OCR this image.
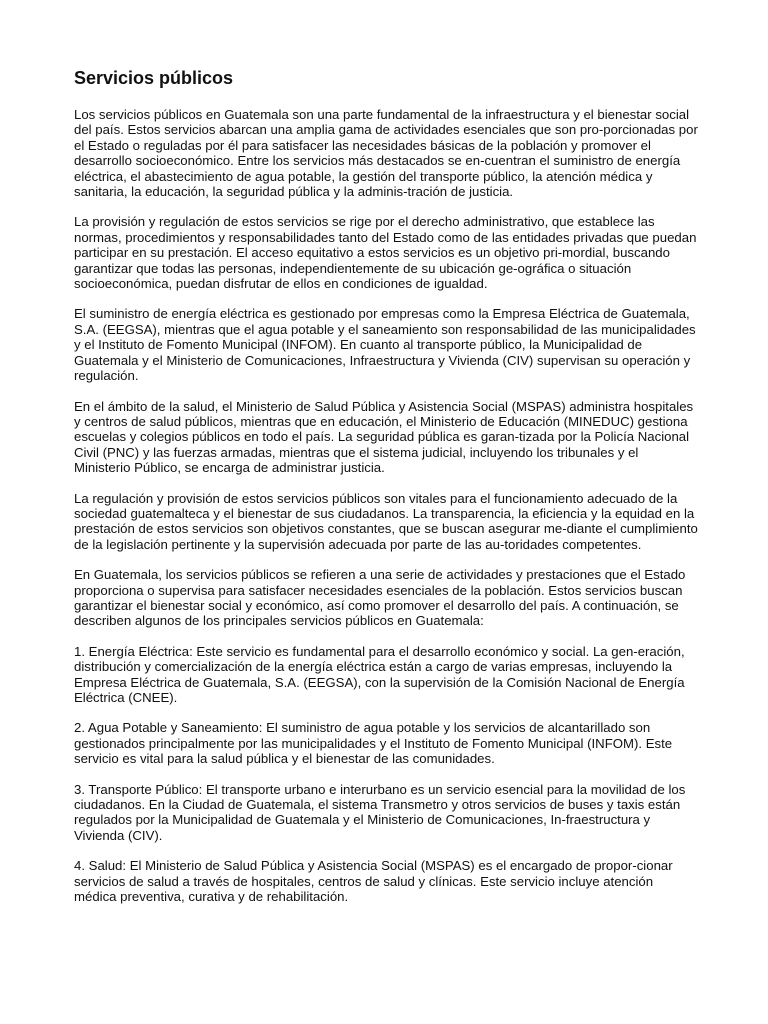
Servicios públicos

Los servicios públicos en Guatemala son una parte fundamental de la infraestructura y el bienestar social del país. Estos servicios abarcan una amplia gama de actividades esenciales que son pro-porcionadas por el Estado o reguladas por él para satisfacer las necesidades básicas de la población y promover el desarrollo socioeconómico. Entre los servicios más destacados se en-cuentran el suministro de energía eléctrica, el abastecimiento de agua potable, la gestión del transporte público, la atención médica y sanitaria, la educación, la seguridad pública y la adminis-tración de justicia.

La provisión y regulación de estos servicios se rige por el derecho administrativo, que establece las normas, procedimientos y responsabilidades tanto del Estado como de las entidades privadas que puedan participar en su prestación. El acceso equitativo a estos servicios es un objetivo pri-mordial, buscando garantizar que todas las personas, independientemente de su ubicación ge-ográfica o situación socioeconómica, puedan disfrutar de ellos en condiciones de igualdad.

El suministro de energía eléctrica es gestionado por empresas como la Empresa Eléctrica de Guatemala, S.A. (EEGSA), mientras que el agua potable y el saneamiento son responsabilidad de las municipalidades y el Instituto de Fomento Municipal (INFOM). En cuanto al transporte público, la Municipalidad de Guatemala y el Ministerio de Comunicaciones, Infraestructura y Vivienda (CIV) supervisan su operación y regulación.

En el ámbito de la salud, el Ministerio de Salud Pública y Asistencia Social (MSPAS) administra hospitales y centros de salud públicos, mientras que en educación, el Ministerio de Educación (MINEDUC) gestiona escuelas y colegios públicos en todo el país. La seguridad pública es garan-tizada por la Policía Nacional Civil (PNC) y las fuerzas armadas, mientras que el sistema judicial, incluyendo los tribunales y el Ministerio Público, se encarga de administrar justicia.

La regulación y provisión de estos servicios públicos son vitales para el funcionamiento adecuado de la sociedad guatemalteca y el bienestar de sus ciudadanos. La transparencia, la eficiencia y la equidad en la prestación de estos servicios son objetivos constantes, que se buscan asegurar me-diante el cumplimiento de la legislación pertinente y la supervisión adecuada por parte de las au-toridades competentes.

En Guatemala, los servicios públicos se refieren a una serie de actividades y prestaciones que el Estado proporciona o supervisa para satisfacer necesidades esenciales de la población. Estos servicios buscan garantizar el bienestar social y económico, así como promover el desarrollo del país. A continuación, se describen algunos de los principales servicios públicos en Guatemala:

1. Energía Eléctrica: Este servicio es fundamental para el desarrollo económico y social. La gen-eración, distribución y comercialización de la energía eléctrica están a cargo de varias empresas, incluyendo la Empresa Eléctrica de Guatemala, S.A. (EEGSA), con la supervisión de la Comisión Nacional de Energía Eléctrica (CNEE).

2. Agua Potable y Saneamiento: El suministro de agua potable y los servicios de alcantarillado son gestionados principalmente por las municipalidades y el Instituto de Fomento Municipal (INFOM). Este servicio es vital para la salud pública y el bienestar de las comunidades.

3. Transporte Público: El transporte urbano e interurbano es un servicio esencial para la movilidad de los ciudadanos. En la Ciudad de Guatemala, el sistema Transmetro y otros servicios de buses y taxis están regulados por la Municipalidad de Guatemala y el Ministerio de Comunicaciones, In-fraestructura y Vivienda (CIV).

4. Salud: El Ministerio de Salud Pública y Asistencia Social (MSPAS) es el encargado de propor-cionar servicios de salud a través de hospitales, centros de salud y clínicas. Este servicio incluye atención médica preventiva, curativa y de rehabilitación.
